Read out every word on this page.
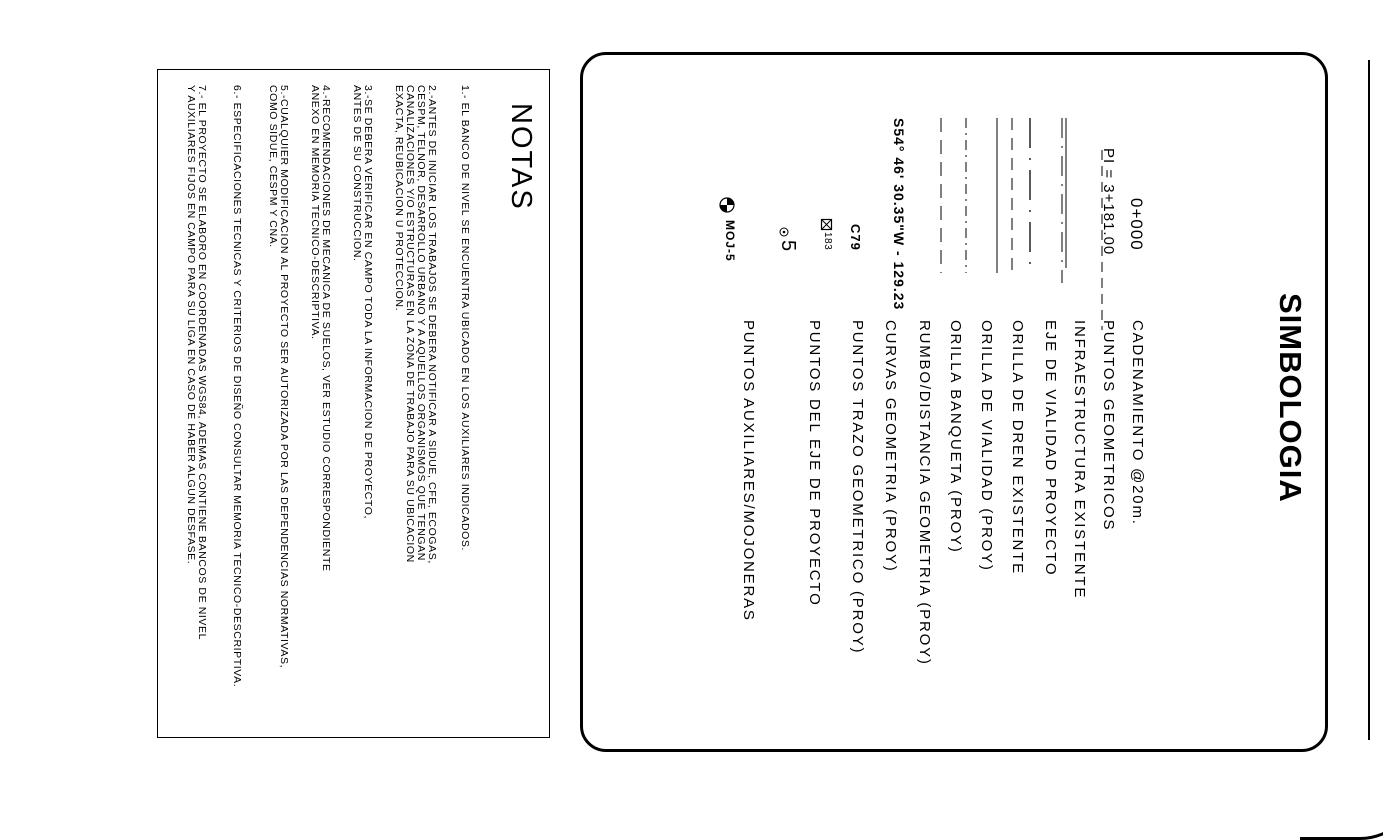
SIMBOLOGIA
0+000
PI = 3+181.00
S54° 46' 30.35"W - 129.23
C79
183
5
MOJ-5
CADENAMIENTO @20m.
PUNTOS GEOMETRICOS
INFRAESTRUCTURA EXISTENTE
EJE DE VIALIDAD PROYECTO
ORILLA DE DREN EXISTENTE
ORILLA DE VIALIDAD (PROY)
ORILLA BANQUETA (PROY)
RUMBO/DISTANCIA GEOMETRIA (PROY)
CURVAS GEOMETRIA (PROY)
PUNTOS TRAZO GEOMETRICO (PROY)
PUNTOS DEL EJE DE PROYECTO
PUNTOS AUXILIARES/MOJONERAS
NOTAS
1.- EL BANCO DE NIVEL SE ENCUENTRA UBICADO EN LOS AUXILIARES INDICADOS.
2.-ANTES DE INICIAR LOS TRABAJOS SE DEBERA NOTIFICAR A SIDUE, CFE, ECOGAS,
CESPM, TELNOR, DESARROLLO URBANO Y A AQUELLOS ORGANISMOS QUE TENGAN
CANALIZACIONES Y/O ESTRUCTURAS EN LA ZONA DE TRABAJO PARA SU UBICACION
EXACTA, REUBICACION U PROTECCION.
3.-SE DEBERA VERIFICAR EN CAMPO TODA LA INFORMACION DE PROYECTO,
ANTES DE SU CONSTRUCCION.
4.-RECOMENDACIONES DE MECANICA DE SUELOS, VER ESTUDIO CORRESPONDIENTE
ANEXO EN MEMORIA TECNICO-DESCRIPTIVA.
5.-CUALQUIER MODIFICACION AL PROYECTO SER AUTORIZADA POR LAS DEPENDENCIAS NORMATIVAS,
COMO SIDUE, CESPM Y CNA.
6.- ESPECIFICACIONES TECNICAS Y CRITERIOS DE DISEÑO CONSULTAR MEMORIA TECNICO-DESCRIPTIVA.
7.- EL PROYECTO SE ELABORO EN COORDENADAS WGS84, ADEMAS CONTIENE BANCOS DE NIVEL
Y AUXILIARES FIJOS EN CAMPO PARA SU LIGA EN CASO DE HABER ALGUN DESFASE.
